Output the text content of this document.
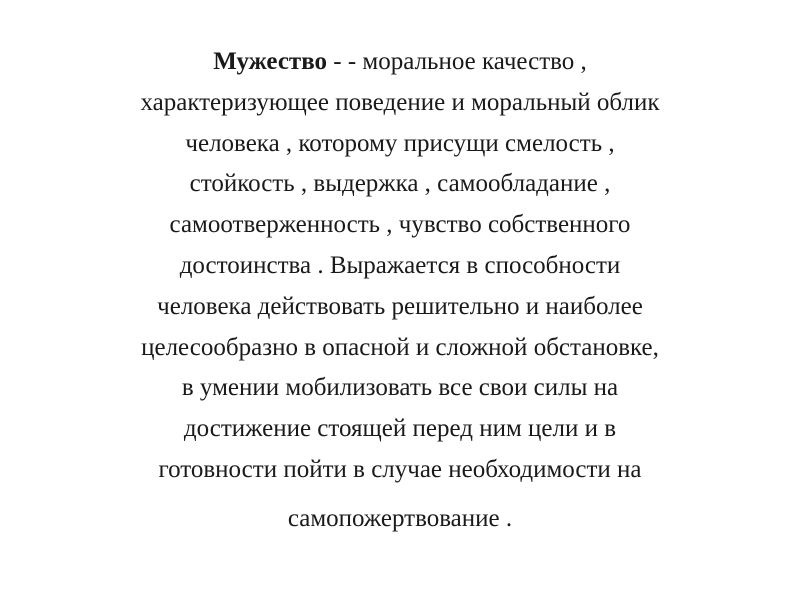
Мужество - - моральное качество ,
характеризующее поведение и моральный облик
человека , которому присущи смелость ,
стойкость , выдержка , самообладание ,
самоотверженность , чувство собственного
достоинства . Выражается в способности
человека действовать решительно и наиболее
целесообразно в опасной и сложной обстановке,
в умении мобилизовать все свои силы на
достижение стоящей перед ним цели и в
готовности пойти в случае необходимости на
самопожертвование .
